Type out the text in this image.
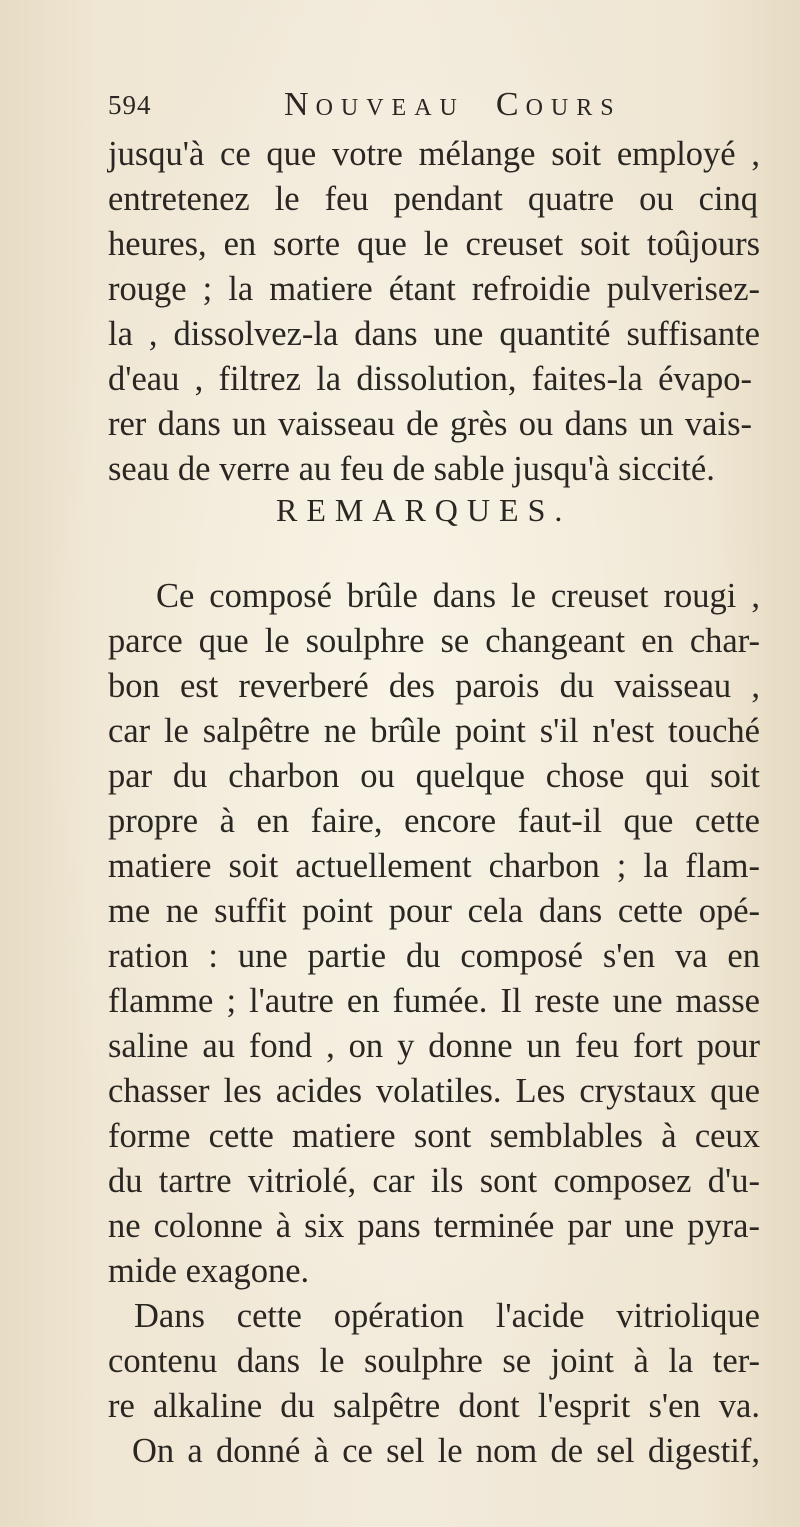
594	NOUVEAU COURS
jusqu'à ce que votre mélange soit employé ,
entretenez le feu pendant quatre ou cinq
heures, en sorte que le creuset soit toûjours
rouge ; la matiere étant refroidie pulverisez-
la , dissolvez-la dans une quantité suffisante
d'eau , filtrez la dissolution, faites-la évapo-
rer dans un vaisseau de grès ou dans un vais-
seau de verre au feu de sable jusqu'à siccité.
REMARQUES.
Ce composé brûle dans le creuset rougi ,
parce que le soulphre se changeant en char-
bon est reverberé des parois du vaisseau ,
car le salpêtre ne brûle point s'il n'est touché
par du charbon ou quelque chose qui soit
propre à en faire, encore faut-il que cette
matiere soit actuellement charbon ; la flam-
me ne suffit point pour cela dans cette opé-
ration : une partie du composé s'en va en
flamme ; l'autre en fumée. Il reste une masse
saline au fond , on y donne un feu fort pour
chasser les acides volatiles. Les crystaux que
forme cette matiere sont semblables à ceux
du tartre vitriolé, car ils sont composez d'u-
ne colonne à six pans terminée par une pyra-
mide exagone.
Dans cette opération l'acide vitriolique
contenu dans le soulphre se joint à la ter-
re alkaline du salpêtre dont l'esprit s'en va.
On a donné à ce sel le nom de sel digestif,
